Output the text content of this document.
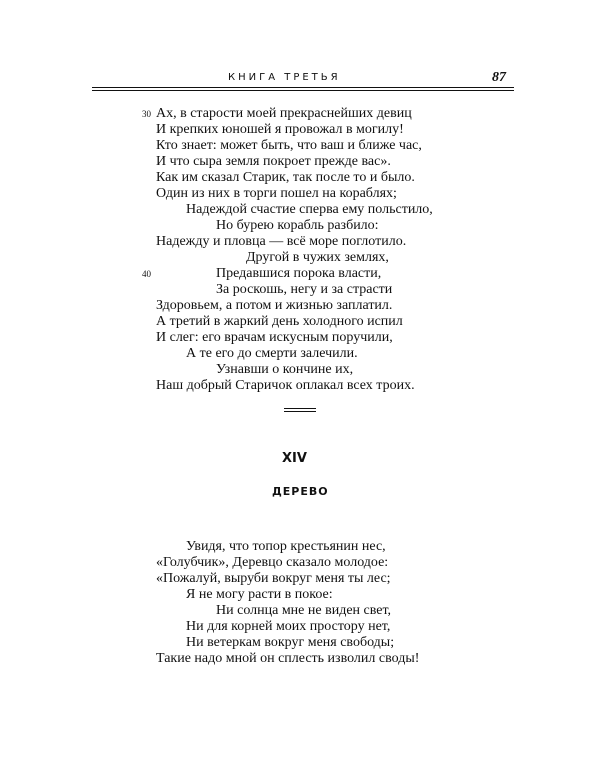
КНИГА ТРЕТЬЯ	87
30
40
Ах, в старости моей прекраснейших девиц
И крепких юношей я провожал в могилу!
Кто знает: может быть, что ваш и ближе час,
И что сыра земля покроет прежде вас».
Как им сказал Старик, так после то и было.
Один из них в торги пошел на кораблях;
Надеждой счастие сперва ему польстило,
Но бурею корабль разбило:
Надежду и пловца — всё море поглотило.
Другой в чужих землях,
Предавшися порока власти,
За роскошь, негу и за страсти
Здоровьем, а потом и жизнью заплатил.
А третий в жаркий день холодного испил
И слег: его врачам искусным поручили,
А те его до смерти залечили.
Узнавши о кончине их,
Наш добрый Старичок оплакал всех троих.
XIV
ДЕРЕВО
Увидя, что топор крестьянин нес,
«Голубчик», Деревцо сказало молодое:
«Пожалуй, выруби вокруг меня ты лес;
Я не могу расти в покое:
Ни солнца мне не виден свет,
Ни для корней моих простору нет,
Ни ветеркам вокруг меня свободы;
Такие надо мной он сплесть изволил своды!
